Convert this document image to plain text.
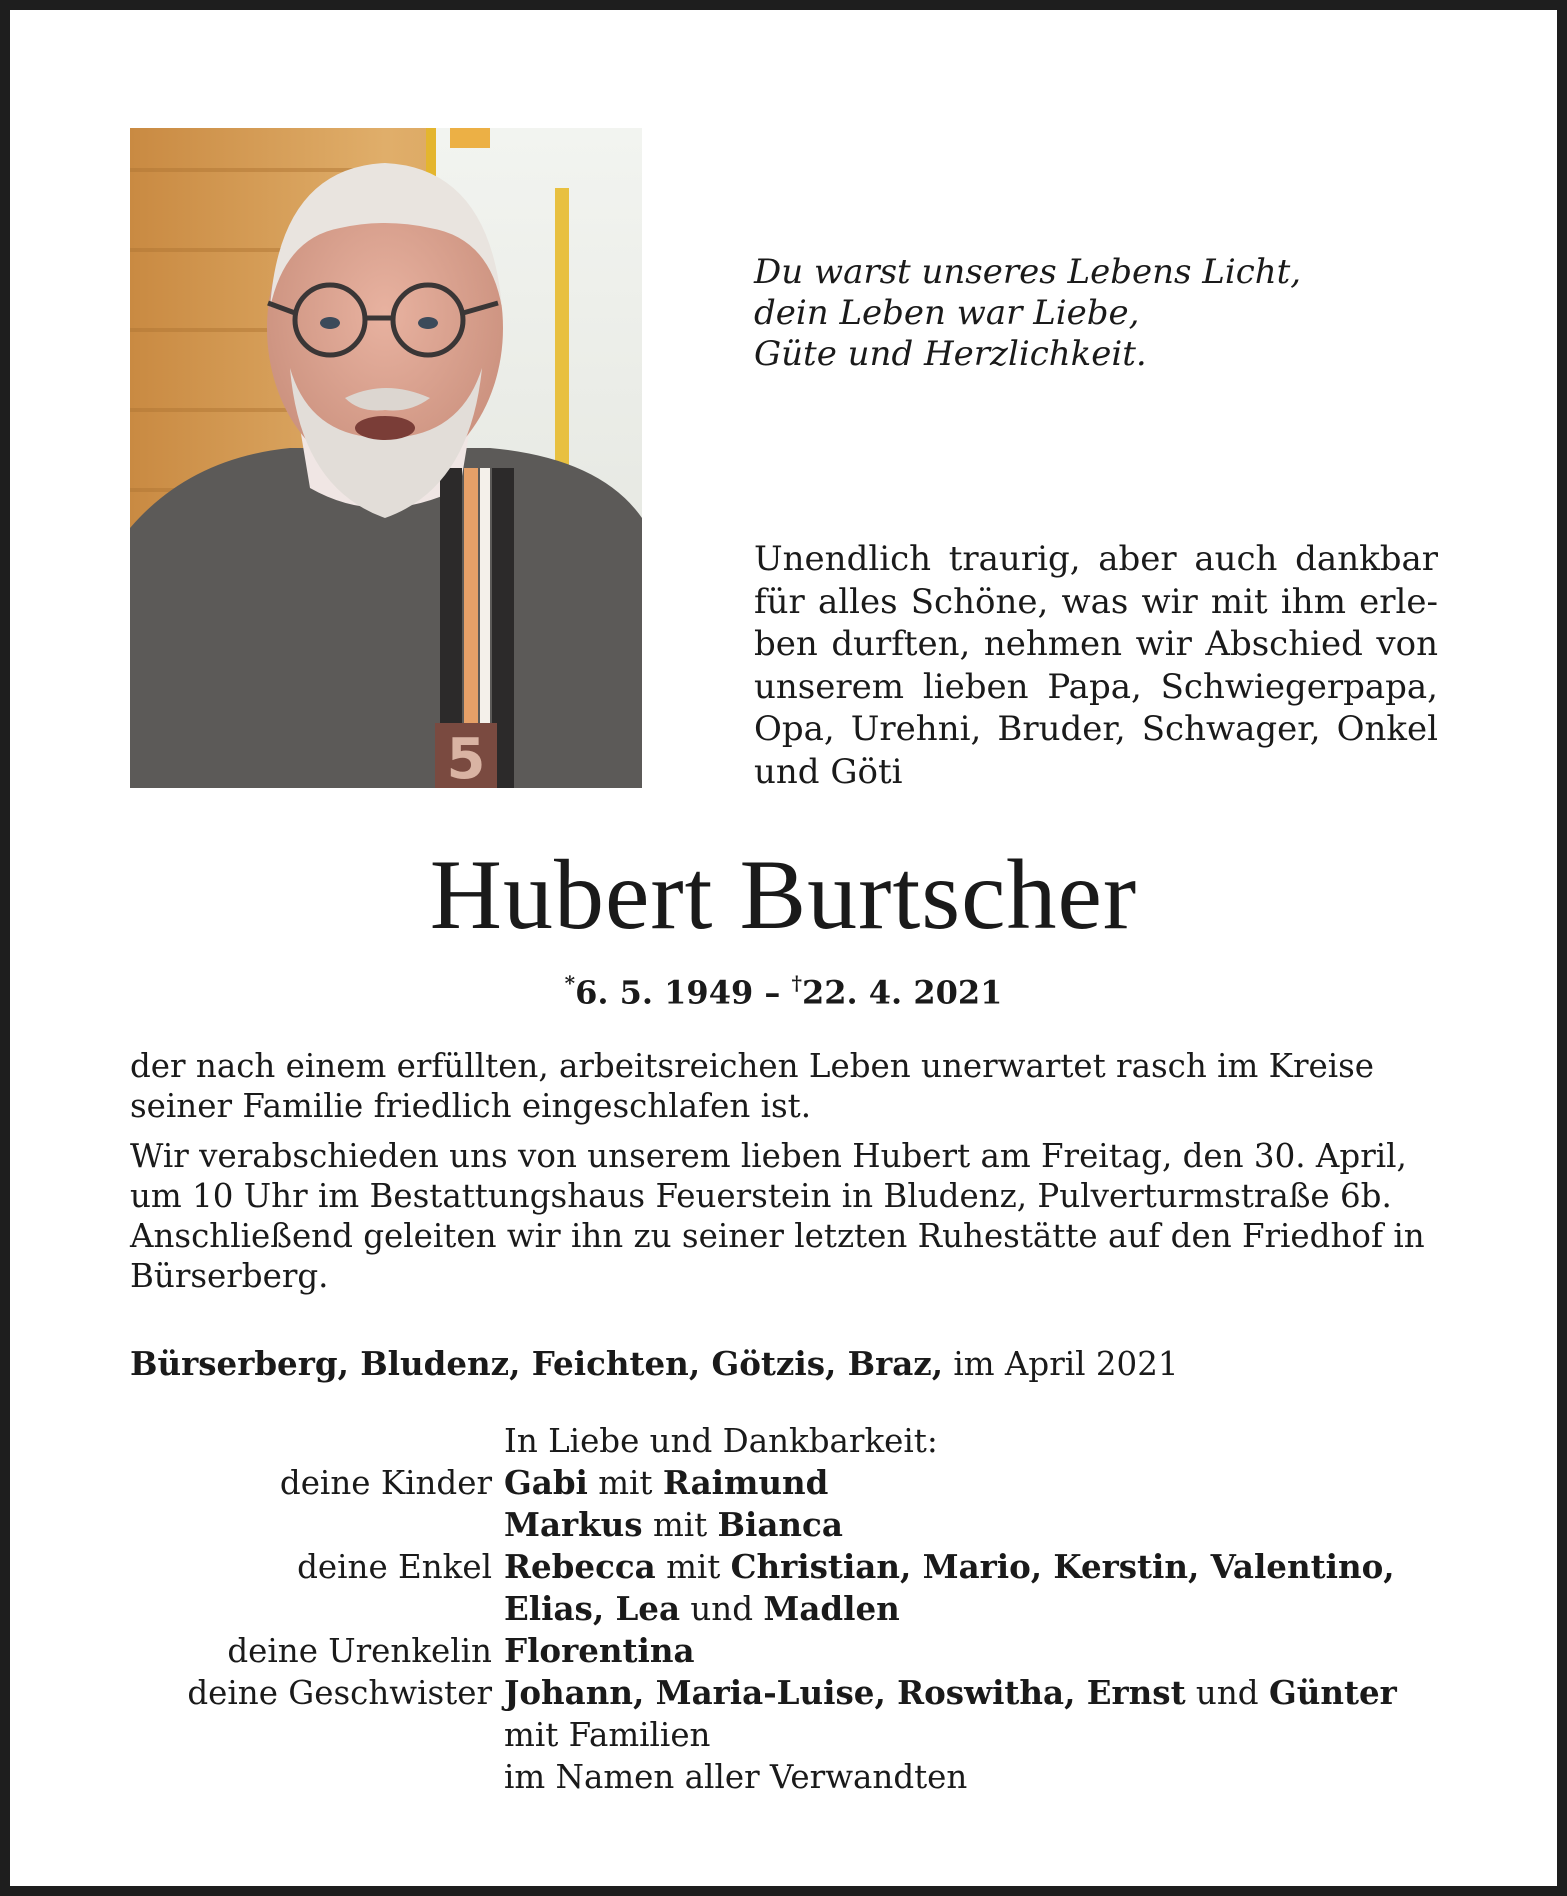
5
Du warst unseres Lebens Licht,
dein Leben war Liebe,
Güte und Herzlichkeit.
Unendlich traurig, aber auch dankbar
für alles Schöne, was wir mit ihm erle-
ben durften, nehmen wir Abschied von
unserem lieben Papa, Schwiegerpapa,
Opa, Urehni, Bruder, Schwager, Onkel
und Göti
Hubert Burtscher
*6. 5. 1949 – †22. 4. 2021

der nach einem erfüllten, arbeitsreichen Leben unerwartet rasch im Kreise seiner Familie friedlich eingeschlafen ist.

Wir verabschieden uns von unserem lieben Hubert am Freitag, den 30. April, um 10 Uhr im Bestattungshaus Feuerstein in Bludenz, Pulverturmstraße 6b. Anschließend geleiten wir ihn zu seiner letzten Ruhestätte auf den Friedhof in Bürserberg.

Bürserberg, Bludenz, Feichten, Götzis, Braz, im April 2021
In Liebe und Dankbarkeit:
deine Kinder Gabi mit Raimund
Markus mit Bianca
deine Enkel Rebecca mit Christian, Mario, Kerstin, Valentino,
Elias, Lea und Madlen
deine Urenkelin Florentina
deine Geschwister Johann, Maria-Luise, Roswitha, Ernst und Günter
mit Familien
im Namen aller Verwandten
